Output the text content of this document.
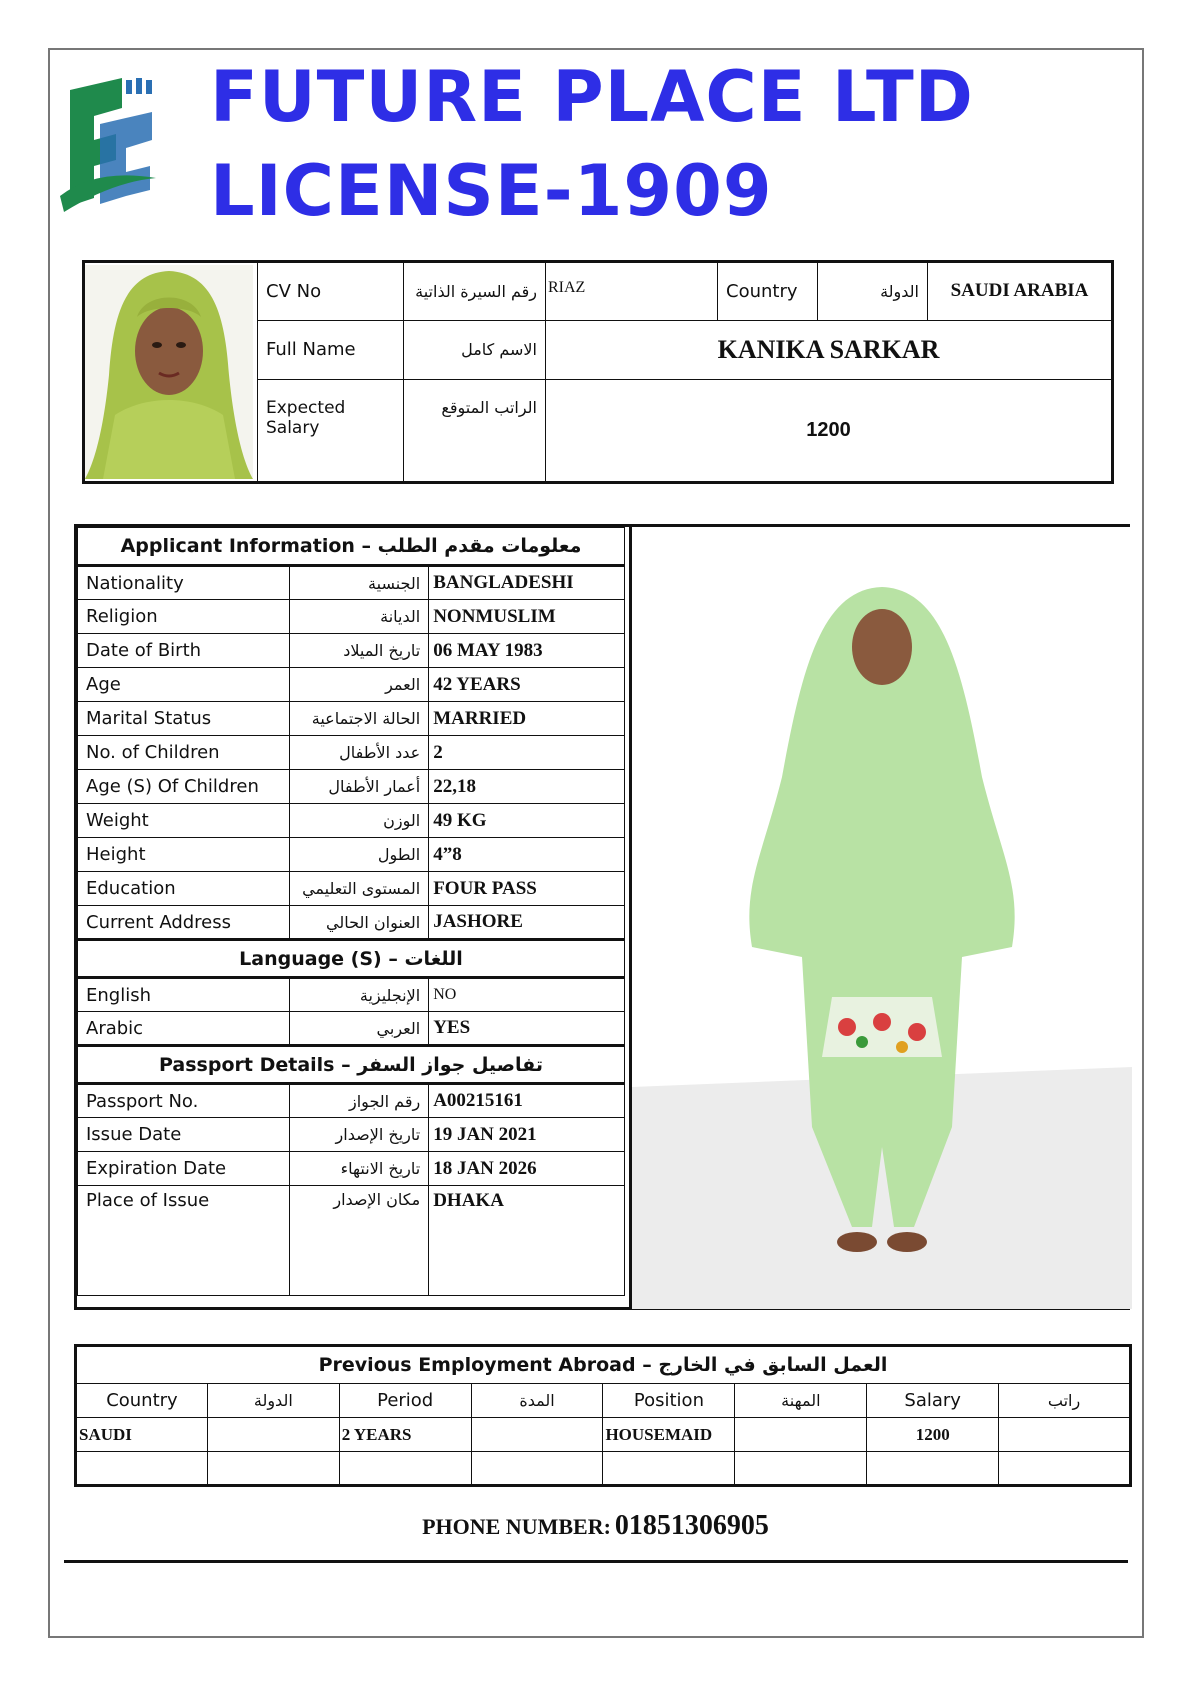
FUTURE PLACE LTD
LICENSE-1909
	CV No	رقم السيرة الذاتية	RIAZ	Country	الدولة	SAUDI ARABIA
	Full Name	الاسم كامل	KANIKA SARKAR			
	Expected Salary	الراتب المتوقع	1200			
Applicant Information – معلومات مقدم الطلب		
Nationality	الجنسية	BANGLADESHI
Religion	الديانة	NONMUSLIM
Date of Birth	تاريخ الميلاد	06 MAY 1983
Age	العمر	42 YEARS
Marital Status	الحالة الاجتماعية	MARRIED
No. of Children	عدد الأطفال	2
Age (S) Of Children	أعمار الأطفال	22,18
Weight	الوزن	49 KG
Height	الطول	4”8
Education	المستوى التعليمي	FOUR PASS
Current Address	العنوان الحالي	JASHORE
Language (S) – اللغات		
English	الإنجليزية	NO
Arabic	العربي	YES
Passport Details – تفاصيل جواز السفر		
Passport No.	رقم الجواز	A00215161
Issue Date	تاريخ الإصدار	19 JAN 2021
Expiration Date	تاريخ الانتهاء	18 JAN 2026
Place of Issue	مكان الإصدار	DHAKA
Previous Employment Abroad – العمل السابق في الخارج							
Country	الدولة	Period	المدة	Position	المهنة	Salary	راتب
SAUDI		2 YEARS		HOUSEMAID		1200	

PHONE NUMBER: 01851306905
